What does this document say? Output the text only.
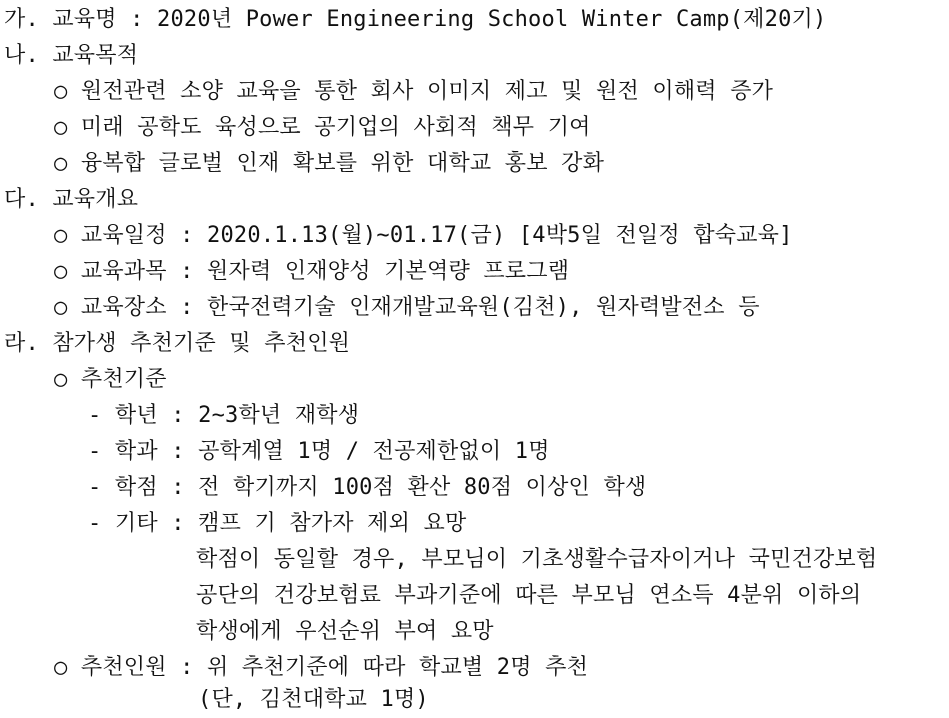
가. 교육명 : 2020년 Power Engineering School Winter Camp(제20기)
나. 교육목적
○ 원전관련 소양 교육을 통한 회사 이미지 제고 및 원전 이해력 증가
○ 미래 공학도 육성으로 공기업의 사회적 책무 기여
○ 융복합 글로벌 인재 확보를 위한 대학교 홍보 강화
다. 교육개요
○ 교육일정 : 2020.1.13(월)~01.17(금) [4박5일 전일정 합숙교육]
○ 교육과목 : 원자력 인재양성 기본역량 프로그램
○ 교육장소 : 한국전력기술 인재개발교육원(김천), 원자력발전소 등
라. 참가생 추천기준 및 추천인원
○ 추천기준
- 학년 : 2~3학년 재학생
- 학과 : 공학계열 1명 / 전공제한없이 1명
- 학점 : 전 학기까지 100점 환산 80점 이상인 학생
- 기타 : 캠프 기 참가자 제외 요망
학점이 동일할 경우, 부모님이 기초생활수급자이거나 국민건강보험
공단의 건강보험료 부과기준에 따른 부모님 연소득 4분위 이하의
학생에게 우선순위 부여 요망
○ 추천인원 : 위 추천기준에 따라 학교별 2명 추천
(단, 김천대학교 1명)
